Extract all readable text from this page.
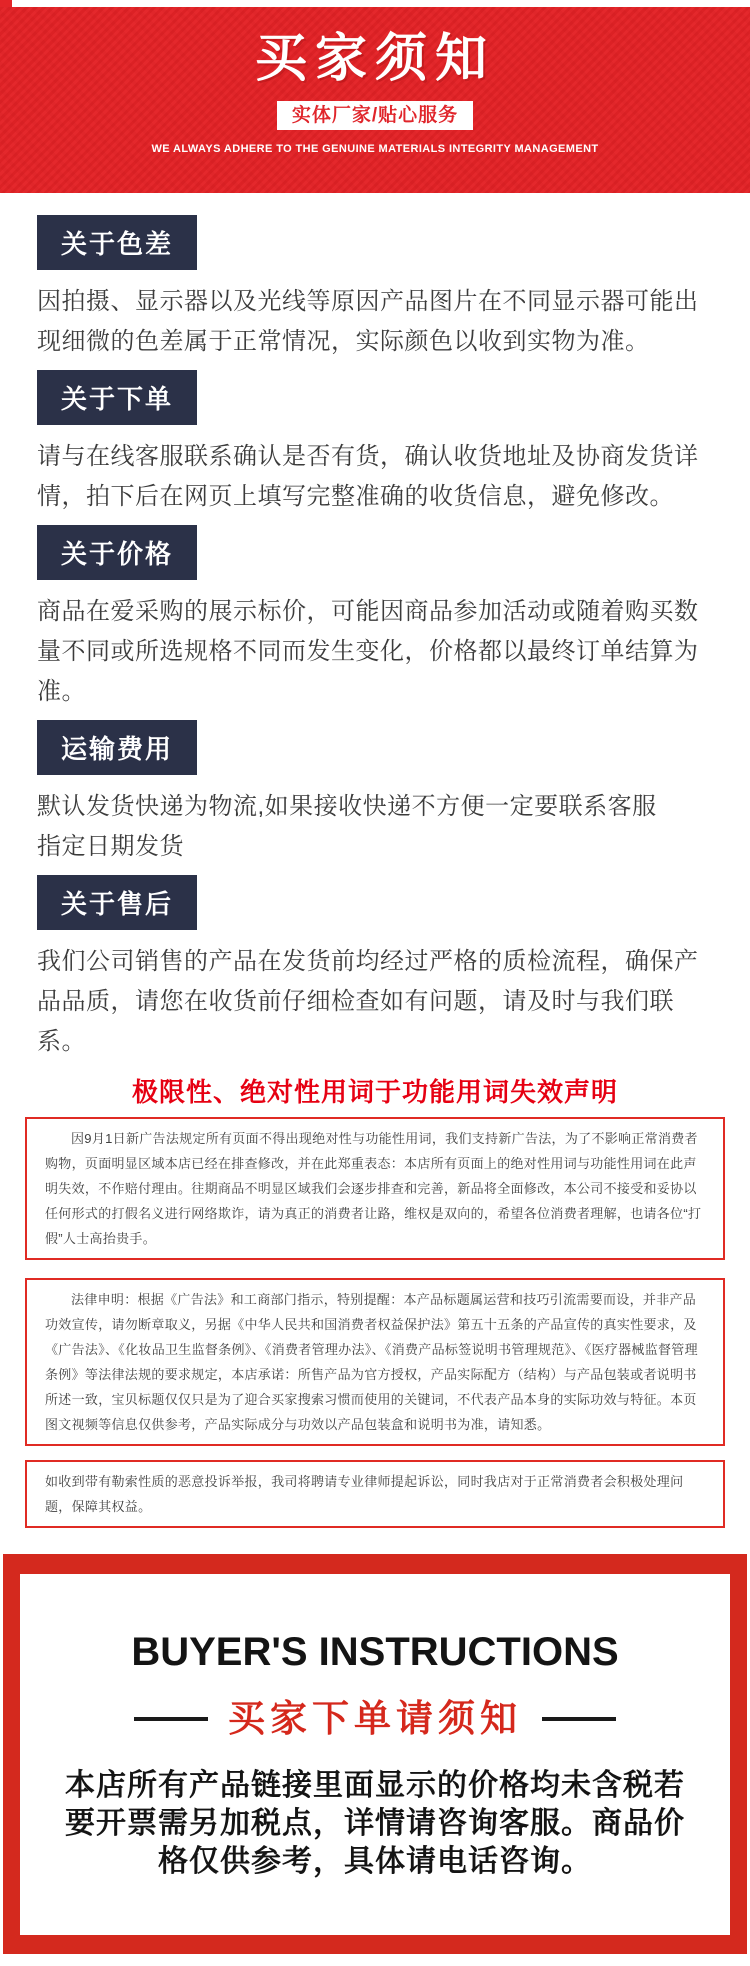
买家须知
实体厂家/贴心服务
WE ALWAYS ADHERE TO THE GENUINE MATERIALS INTEGRITY MANAGEMENT
关于色差

因拍摄、显示器以及光线等原因产品图片在不同显示器可能出现细微的色差属于正常情况，实际颜色以收到实物为准。

关于下单

请与在线客服联系确认是否有货，确认收货地址及协商发货详情，拍下后在网页上填写完整准确的收货信息，避免修改。

关于价格

商品在爱采购的展示标价，可能因商品参加活动或随着购买数量不同或所选规格不同而发生变化，价格都以最终订单结算为准。

运输费用

默认发货快递为物流,如果接收快递不方便一定要联系客服
指定日期发货

关于售后

我们公司销售的产品在发货前均经过严格的质检流程，确保产品品质，请您在收货前仔细检查如有问题，请及时与我们联系。

极限性、绝对性用词于功能用词失效声明
因9月1日新广告法规定所有页面不得出现绝对性与功能性用词，我们支持新广告法，为了不影响正常消费者购物，页面明显区域本店已经在排查修改，并在此郑重表态：本店所有页面上的绝对性用词与功能性用词在此声明失效，不作赔付理由。往期商品不明显区域我们会逐步排查和完善，新品将全面修改，本公司不接受和妥协以任何形式的打假名义进行网络欺诈，请为真正的消费者让路，维权是双向的，希望各位消费者理解，也请各位“打假”人士高抬贵手。
法律申明：根据《广告法》和工商部门指示，特别提醒：本产品标题属运营和技巧引流需要而设，并非产品功效宣传，请勿断章取义，另据《中华人民共和国消费者权益保护法》第五十五条的产品宣传的真实性要求，及《广告法》、《化妆品卫生监督条例》、《消费者管理办法》、《消费产品标签说明书管理规范》、《医疗器械监督管理条例》等法律法规的要求规定，本店承诺：所售产品为官方授权，产品实际配方（结构）与产品包装或者说明书所述一致，宝贝标题仅仅只是为了迎合买家搜索习惯而使用的关键词，不代表产品本身的实际功效与特征。本页图文视频等信息仅供参考，产品实际成分与功效以产品包装盒和说明书为准，请知悉。
如收到带有勒索性质的恶意投诉举报，我司将聘请专业律师提起诉讼，同时我店对于正常消费者会积极处理问题，保障其权益。
BUYER'S INSTRUCTIONS
买家下单请须知
本店所有产品链接里面显示的价格均未含税若要开票需另加税点，详情请咨询客服。商品价格仅供参考，具体请电话咨询。
